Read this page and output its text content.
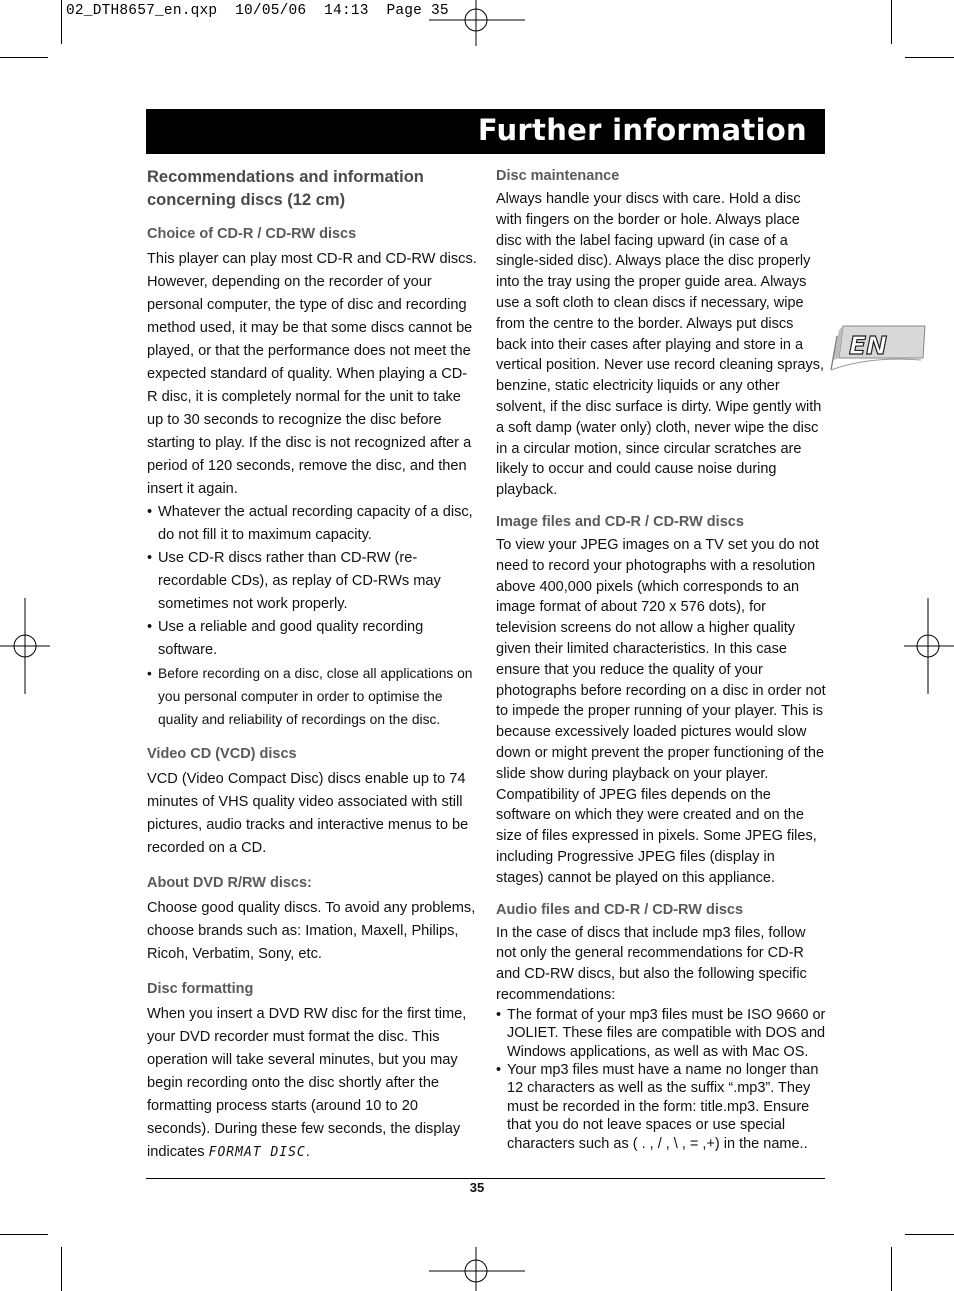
02_DTH8657_en.qxp  10/05/06  14:13  Page 35
Further information
EN
Recommendations and information concerning discs (12 cm)
Choice of CD-R / CD-RW discs

This player can play most CD-R and CD-RW discs. However, depending on the recorder of your personal computer, the type of disc and recording method used, it may be that some discs cannot be played, or that the performance does not meet the expected standard of quality. When playing a CD-R disc, it is completely normal for the unit to take up to 30 seconds to recognize the disc before starting to play. If the disc is not recognized after a period of 120 seconds, remove the disc, and then insert it again.

• Whatever the actual recording capacity of a disc, do not fill it to maximum capacity.
• Use CD-R discs rather than CD-RW (re-recordable CDs), as replay of CD-RWs may sometimes not work properly.
• Use a reliable and good quality recording software.
• Before recording on a disc, close all applications on you personal computer in order to optimise the quality and reliability of recordings on the disc.
Video CD (VCD) discs

VCD (Video Compact Disc) discs enable up to 74 minutes of VHS quality video associated with still pictures, audio tracks and interactive menus to be recorded on a CD.

About DVD R/RW discs:

Choose good quality discs. To avoid any problems, choose brands such as: Imation, Maxell, Philips, Ricoh, Verbatim, Sony, etc.

Disc formatting

When you insert a DVD RW disc for the first time, your DVD recorder must format the disc. This operation will take several minutes, but you may begin recording onto the disc shortly after the formatting process starts (around 10 to 20 seconds). During these few seconds, the display indicates FORMAT DISC.

Disc maintenance

Always handle your discs with care. Hold a disc with fingers on the border or hole. Always place disc with the label facing upward (in case of a single-sided disc). Always place the disc properly into the tray using the proper guide area. Always use a soft cloth to clean discs if necessary, wipe from the centre to the border. Always put discs back into their cases after playing and store in a vertical position. Never use record cleaning sprays, benzine, static electricity liquids or any other solvent, if the disc surface is dirty. Wipe gently with a soft damp (water only) cloth, never wipe the disc in a circular motion, since circular scratches are likely to occur and could cause noise during playback.

Image files and CD-R / CD-RW discs

To view your JPEG images on a TV set you do not need to record your photographs with a resolution above 400,000 pixels (which corresponds to an image format of about 720 x 576 dots), for television screens do not allow a higher quality given their limited characteristics. In this case ensure that you reduce the quality of your photographs before recording on a disc in order not to impede the proper running of your player. This is because excessively loaded pictures would slow down or might prevent the proper functioning of the slide show during playback on your player. Compatibility of JPEG files depends on the software on which they were created and on the size of files expressed in pixels. Some JPEG files, including Progressive JPEG files (display in stages) cannot be played on this appliance.

Audio files and CD-R / CD-RW discs

In the case of discs that include mp3 files, follow not only the general recommendations for CD-R and CD-RW discs, but also the following specific recommendations:

• The format of your mp3 files must be ISO 9660 or JOLIET. These files are compatible with DOS and Windows applications, as well as with Mac OS.
• Your mp3 files must have a name no longer than 12 characters as well as the suffix “.mp3”. They must be recorded in the form: title.mp3. Ensure that you do not leave spaces or use special characters such as ( . , / , \ , = ,+) in the name..
35
